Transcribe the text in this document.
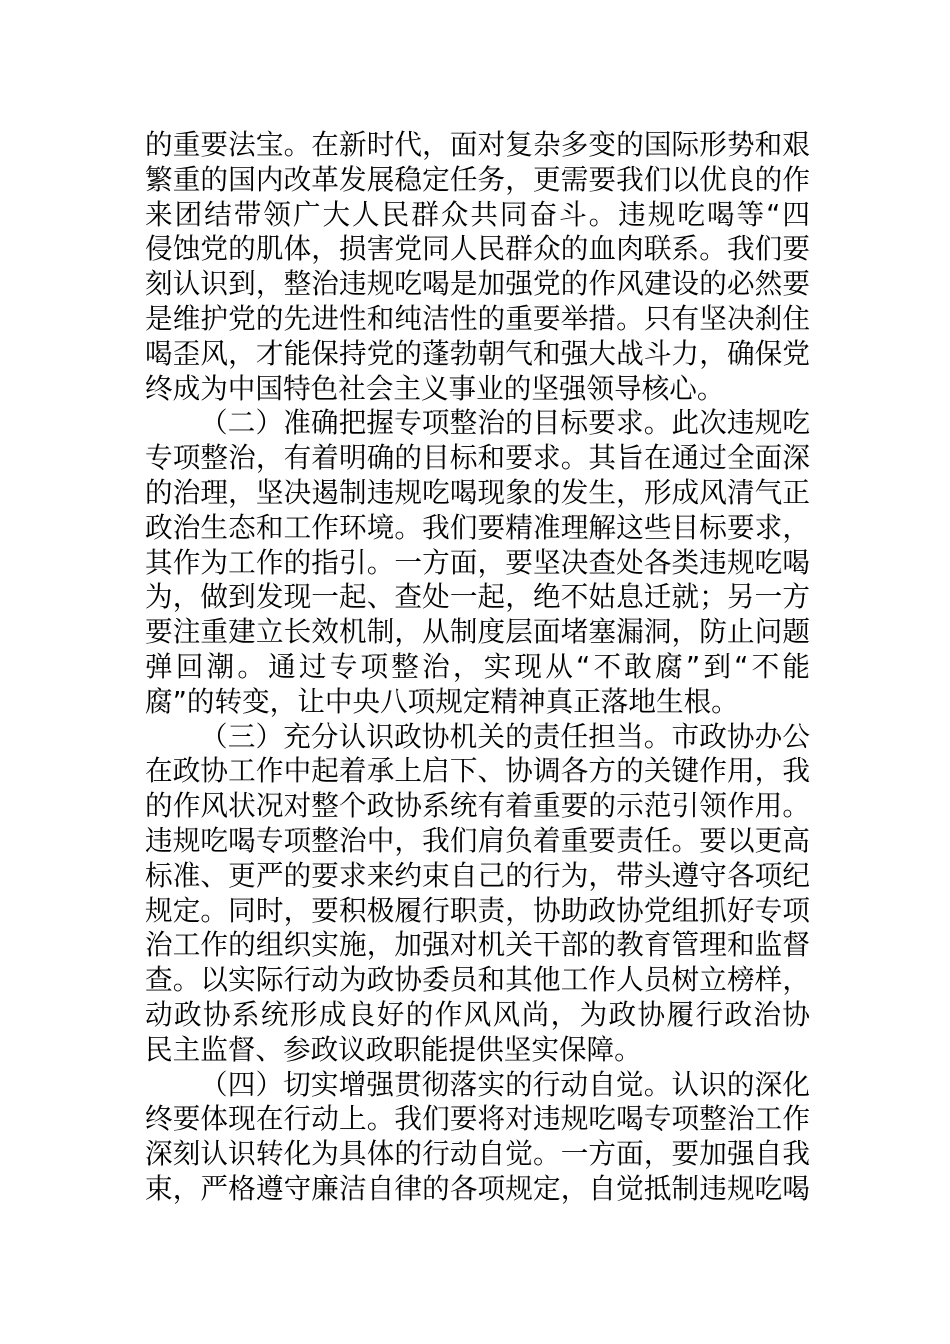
的重要法宝。在新时代，面对复杂多变的国际形势和艰
繁重的国内改革发展稳定任务，更需要我们以优良的作
来团结带领广大人民群众共同奋斗。违规吃喝等“四
侵蚀党的肌体，损害党同人民群众的血肉联系。我们要
刻认识到，整治违规吃喝是加强党的作风建设的必然要
是维护党的先进性和纯洁性的重要举措。只有坚决刹住
喝歪风，才能保持党的蓬勃朝气和强大战斗力，确保党
终成为中国特色社会主义事业的坚强领导核心。
（二）准确把握专项整治的目标要求。此次违规吃
专项整治，有着明确的目标和要求。其旨在通过全面深
的治理，坚决遏制违规吃喝现象的发生，形成风清气正
政治生态和工作环境。我们要精准理解这些目标要求，
其作为工作的指引。一方面，要坚决查处各类违规吃喝
为，做到发现一起、查处一起，绝不姑息迁就；另一方
要注重建立长效机制，从制度层面堵塞漏洞，防止问题
弹回潮。通过专项整治，实现从“不敢腐”到“不能
腐”的转变，让中央八项规定精神真正落地生根。
（三）充分认识政协机关的责任担当。市政协办公
在政协工作中起着承上启下、协调各方的关键作用，我
的作风状况对整个政协系统有着重要的示范引领作用。
违规吃喝专项整治中，我们肩负着重要责任。要以更高
标准、更严的要求来约束自己的行为，带头遵守各项纪
规定。同时，要积极履行职责，协助政协党组抓好专项
治工作的组织实施，加强对机关干部的教育管理和监督
查。以实际行动为政协委员和其他工作人员树立榜样，
动政协系统形成良好的作风风尚，为政协履行政治协
民主监督、参政议政职能提供坚实保障。
（四）切实增强贯彻落实的行动自觉。认识的深化
终要体现在行动上。我们要将对违规吃喝专项整治工作
深刻认识转化为具体的行动自觉。一方面，要加强自我
束，严格遵守廉洁自律的各项规定，自觉抵制违规吃喝
